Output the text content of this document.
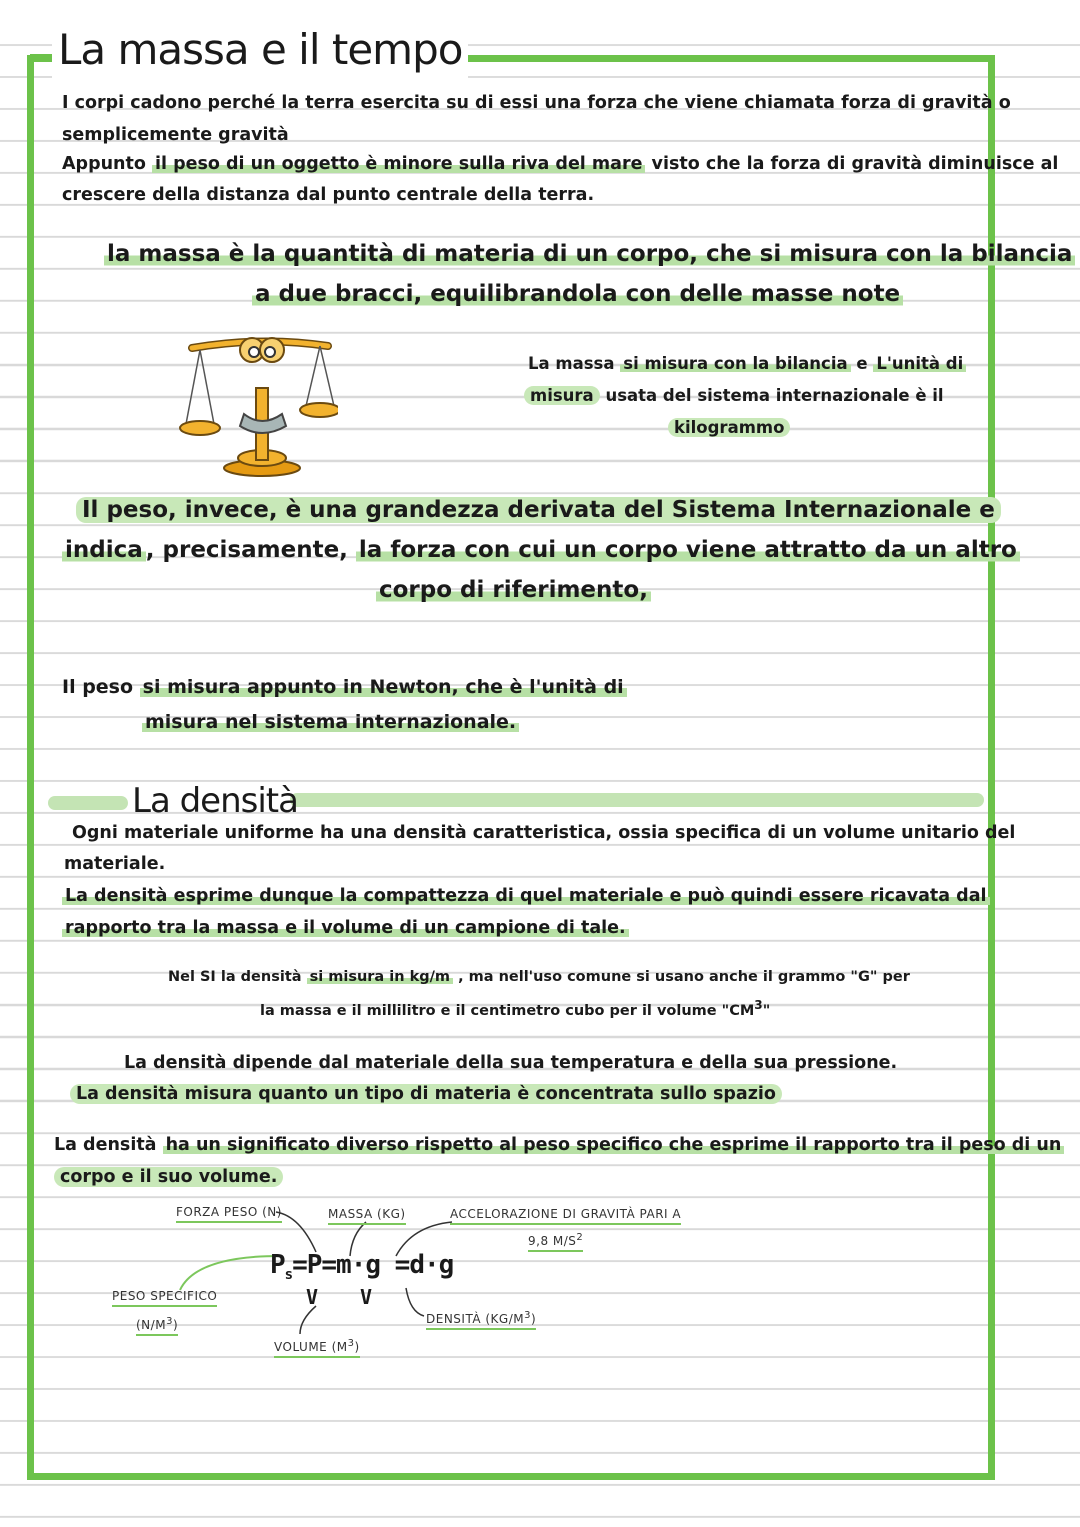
La massa e il tempo

I corpi cadono perché la terra esercita su di essi una forza che viene chiamata forza di gravità o

semplicemente gravità

Appunto il peso di un oggetto è minore sulla riva del mare visto che la forza di gravità diminuisce al

crescere della distanza dal punto centrale della terra.

la massa è la quantità di materia di un corpo, che si misura con la bilancia

a due bracci, equilibrandola con delle masse note

La massa si misura con la bilancia e L'unità di

misura usata del sistema internazionale è il

kilogrammo

Il peso, invece, è una grandezza derivata del Sistema Internazionale e

indica , precisamente, la forza con cui un corpo viene attratto da un altro

corpo di riferimento,

Il peso si misura appunto in Newton, che è l'unità di

misura nel sistema internazionale.

La densità

Ogni materiale uniforme ha una densità caratteristica, ossia specifica di un volume unitario del

materiale.

La densità esprime dunque la compattezza di quel materiale e può quindi essere ricavata dal

rapporto tra la massa e il volume di un campione di tale.

Nel SI la densità si misura in kg/m , ma nell'uso comune si usano anche il grammo "G" per

la massa e il millilitro e il centimetro cubo per il volume "$CM^3$"

La densità dipende dal materiale della sua temperatura e della sua pressione.

La densità misura quanto un tipo di materia è concentrata sullo spazio

La densità ha un significato diverso rispetto al peso specifico che esprime il rapporto tra il peso di un

corpo e il suo volume.

FORZA PESO (N)	MASSA (KG)	ACCELORAZIONE DI GRAVITÀ PARI A
9,8 $M/S^2$
$P_s=P=m\cdot g =d\cdot g$
V V
PESO SPECIFICO
$(N/M^3)$	DENSITÀ $(KG/M^3)$
VOLUME $(M^3)$
